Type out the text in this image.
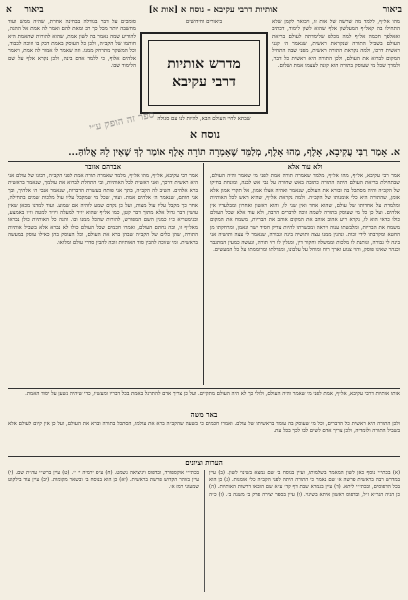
ביאור
אותיות דרבי עקיבא - נוסח א [אות א]
ביאור    א
מהו אל״ף, ללמד מה שרשה של אות זו, ויבואר לקמן שלא התחילו בה קאל״ף המעלשון אלף שהוא לשון לימוד, דכתיב ואאלפך חכמה אל״ף למה מכלפ שלימדתה לעולם בריאת העולם בשביל התורה שנקראת ראשית, שנאמר ה׳ קנני ראשית דרכו, ולמה נקראת התורה ראשית, מפני שבה התחיל המקום לברוא את העולם, ולכן התורה היא ראשית כל דבר, ולמדך שכל מי שעוסק בתורה הוא קונה לעצמו אמת ושלום.
סומכים על דבר בגודלה בבחינה אחרת, שהיה ממש ועוד מחשבה יותר מכל כך רב ומאת להם ואמר לה אמת אל ההגה, להודיע שמה נאמר בה לשון אמת, שהוא להורות שהאמת היא חותמו של הקב״ה, ולכן כל העוסק באמת דבק בו וזוכה לכבוד, וכל המשקר מתרחק ממנו. וזה שאמר לו אמור לה אמת, ויאמר אלהים אלוף, כי ללמד אדם בינה, ולכן נקרא אלף על שם הלימוד שבו.
ביאורים וחידושים
מדרש אותיות
דרבי עקיבא
שבתא לחיי העולם הבא, להיות לנו עם סגולה
ספר זה הופק ע״י
נוסח א
א. אָמַר רַבִּי עֲקִיבָא, אָלֶף, מַהוּ אָלֶף, מְלַמֵּד שֶׁאָמְרָה תוֹרָה אָלֶף אוֹמַר לְךָ שֶׁאֵין לָהּ אֱלוֹהַּ...
ולא עוד אלא
אברהם אזובר
אמר רבי עקיבא, אל״ף, מהו אל״ף, מלמד שאמרה תורה אמת לפני מי שאמר והיה העולם, שבתחילת בריאת העולם היתה התורה כתובה באש שחורה על גבי אש לבנה, ומונחת בחיקו של הקב״ה והיה מסתכל בה ובורא את העולם, שנאמר ואהיה אצלו אמון, אל תקרי אמון אלא אומן, שהתורה היא כלי אומנותו של הקב״ה. ולמה נקראת אל״ף, שהיא ראש לכל האותיות ומלמדת על אחדותו של עולם, שהוא אחד ואין שני לו, והוא ראשון ואחרון ומבלעדיו אין אלהים. ועל כן כל מי שעוסק בתורה לשמה זוכה לדברים הרבה, ולא עוד אלא שכל העולם כולו כדאי הוא לו, נקרא ריע אהוב אוהב את המקום אוהב את הבריות, משמח את המקום משמח את הבריות, ומלבשתו ענוה ויראה ומכשרתו להיות צדיק חסיד ישר ונאמן, ומרחקתו מן החטא ומקרבתו לידי זכות. ונהנין ממנו עצה ותושיה בינה וגבורה, שנאמר לי עצה ותושיה אני בינה לי גבורה, ונותנת לו מלכות וממשלה וחקור דין, ומגלין לו רזי תורה, ונעשה כמעין המתגבר וכנהר שאינו פוסק, והוי צנוע וארך רוח ומוחל על עלבונו, ומגדלתו ומרוממתו על כל המעשים.
אמר רבי עקיבא, אל״ף, מהו אל״ף, מלמד שאמרה תורה אמת לפני הקב״ה, רבונו של עולם אני היא ראשית דרכך, ואני ראשית לכל האותיות, ובי התחלת לברוא את עולמך, שנאמר בראשית ברא אלהים. השיב לה הקב״ה, בתך אני פותח בעשרת הדברות, שנאמר אנכי ה׳ אלהיך, ובך אני חותם, שנאמר ה׳ אלהים אמת. ועוד, שכל מי שמקבל עליו עול מלכות שמים בתחילה, אחר כך מקבל עליו עול מצות, ועל כן נקדם שמע לוהיה אם שמוע. ועוד למדנו מכאן שאין עושין דבר גדול אלא מתוך דבר קטן, כמו אל״ף שהוא יו״ד למעלה ויו״ד למטה וו״ו באמצע, ובגימטריא כ״ו כמנין השם המפורש, להורות שהכל ממנו ובו. והנה כל האותיות כולן נבראו מאל״ף זו, ובה נחתם העולם, ואמרו חכמים שכל העולם כולו לא נברא אלא בשביל אותיות התורה, שהן כלים של הקב״ה שבהן ברא את העולם, וכל העוסק בהן כאילו עוסק במעשה בראשית. ומי שזוכה להבין סוד האותיות זוכה להבין סדרי עולם ומלואו.
אותו אותיות דרבי עקיבא, אל״ף, אמת לפני מי שאמר והיה העולם, ולולי כך לא היה העולם מתקיים. ועל כן צריך אדם להתרגל באמת בכל דבריו ומעשיו, כדי שיהיה נשען על יסוד האמת.
באר משה
ולכן התורה היא ראשית כל הדברים, וכל מי שעוסק בה עומד בראשיתו של עולם. ואמרו חכמים כי בשעה שהקב״ה ברא את עולמו, הסתכל בתורה וברא את העולם, ועל כן אין קיום לעולם אלא בשביל התורה ולומדיה, ולכן צריך אדם לשים לבו לכך בכל עת.
הערות וציונים
(א) בכתי״י נוסף כאן לשון המאמר בשלמותו, ועיין בנוסח ב׳ שם נמצא בשינוי לשון. (ב) עיין במדרש רבה בראשית פרשה א׳ שם נאמר כי התורה היתה לפני הקב״ה כלי אומנות. (ג) כן הוא בכל הדפוסים, ובכתי״י ליתא. (ד) עיין בגמרא שבת דף קד׳ ע״א שם הובאו דרשות האותיות. (ה) כן הגיה הגר״א ז״ל, ובדפוס ראשון איתא בשינוי. (ו) עיין בספר יצירה פרק ב׳ משנה ב׳. (ז) כ״ה בכתי״י אוקספורד, ובדפוס ויניציאה נשמט. (ח) ע״פ ירמיה י׳ י׳. (ט) עיין ברש״י עה״ת שם. (י) עיין בזוהר הקדוש פרשת בראשית. (יא) כן הוא בנוסח ב׳ ובשאר מקומות. (יב) עיין עוד בילקוט שמעוני רמז א׳.
